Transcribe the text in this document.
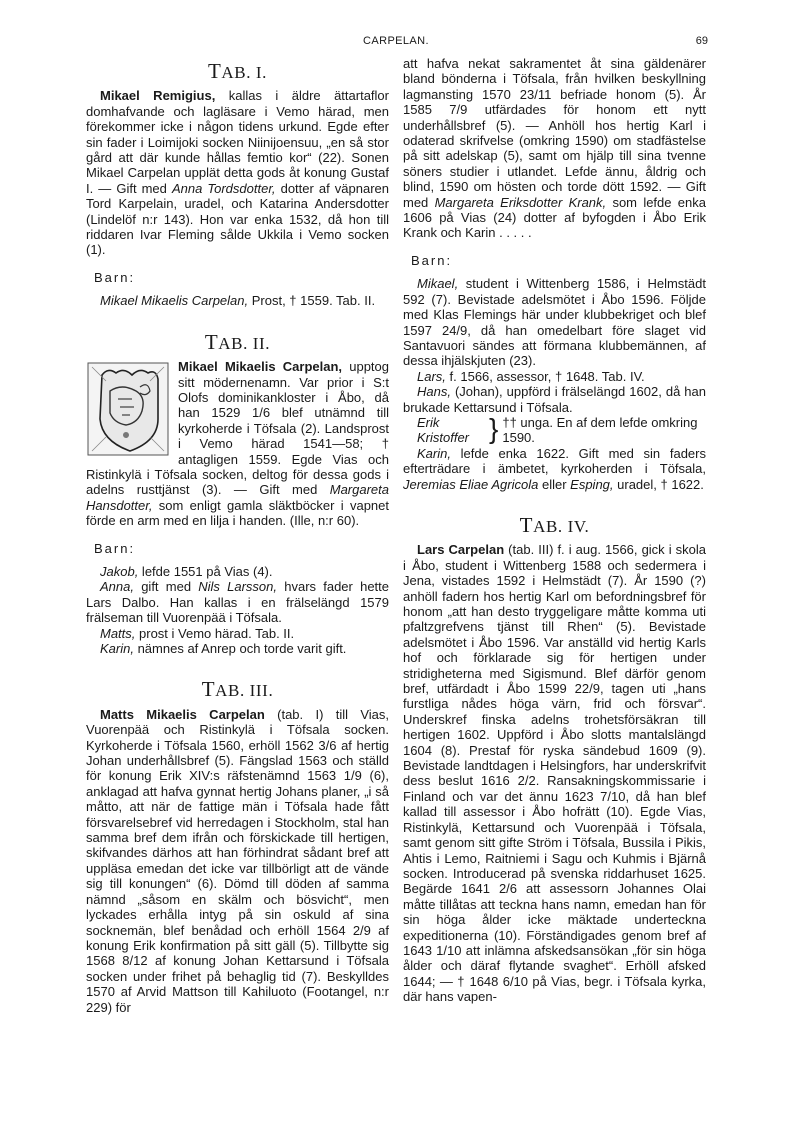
CARPELAN.	69
TAB. I.

Mikael Remigius, kallas i äldre ättartaflor domhafvande och lagläsare i Vemo härad, men förekommer icke i någon tidens urkund. Egde efter sin fader i Loimijoki socken Niinijoensuu, „en så stor gård att där kunde hållas femtio kor“ (22). Sonen Mikael Carpelan upplät detta gods åt konung Gustaf I. — Gift med Anna Tordsdotter, dotter af väpnaren Tord Karpelain, uradel, och Katarina Andersdotter (Lindelöf n:r 143). Hon var enka 1532, då hon till riddaren Ivar Fleming sålde Ukkila i Vemo socken (1).

Barn:

Mikael Mikaelis Carpelan, Prost, † 1559. Tab. II.

TAB. II.

Mikael Mikaelis Carpelan, upptog sitt mödernenamn. Var prior i S:t Olofs dominikankloster i Åbo, då han 1529 1/6 blef utnämnd till kyrkoherde i Töfsala (2). Landsprost i Vemo härad 1541—58; † antagligen 1559. Egde Vias och Ristinkylä i Töfsala socken, deltog för dessa gods i adelns rusttjänst (3). — Gift med Margareta Hansdotter, som enligt gamla släktböcker i vapnet förde en arm med en lilja i handen. (Ille, n:r 60).

Barn:

Jakob, lefde 1551 på Vias (4).

Anna, gift med Nils Larsson, hvars fader hette Lars Dalbo. Han kallas i en frälselängd 1579 frälseman till Vuorenpää i Töfsala.

Matts, prost i Vemo härad. Tab. II.

Karin, nämnes af Anrep och torde varit gift.

TAB. III.

Matts Mikaelis Carpelan (tab. I) till Vias, Vuorenpää och Ristinkylä i Töfsala socken. Kyrkoherde i Töfsala 1560, erhöll 1562 3/6 af hertig Johan underhållsbref (5). Fängslad 1563 och ställd för konung Erik XIV:s räfstenämnd 1563 1/9 (6), anklagad att hafva gynnat hertig Johans planer, „i så måtto, att när de fattige män i Töfsala hade fått försvarelsebref vid herredagen i Stockholm, stal han samma bref dem ifrån och förskickade till hertigen, skifvandes därhos att han förhindrat sådant bref att uppläsa emedan det icke var tillbörligt att de vände sig till konungen“ (6). Dömd till döden af samma nämnd „såsom en skälm och bösvicht“, men lyckades erhålla intyg på sin oskuld af sina socknemän, blef benådad och erhöll 1564 2/9 af konung Erik konfirmation på sitt gäll (5). Tillbytte sig 1568 8/12 af konung Johan Kettarsund i Töfsala socken under frihet på behaglig tid (7). Beskylldes 1570 af Arvid Mattson till Kahiluoto (Footangel, n:r 229) för

att hafva nekat sakramentet åt sina gäldenärer bland bönderna i Töfsala, från hvilken beskyllning lagmansting 1570 23/11 befriade honom (5). År 1585 7/9 utfärdades för honom ett nytt underhållsbref (5). — Anhöll hos hertig Karl i odaterad skrifvelse (omkring 1590) om stadfästelse på sitt adelskap (5), samt om hjälp till sina tvenne söners studier i utlandet. Lefde ännu, åldrig och blind, 1590 om hösten och torde dött 1592. — Gift med Margareta Eriksdotter Krank, som lefde enka 1606 på Vias (24) dotter af byfogden i Åbo Erik Krank och Karin . . . . .

Barn:

Mikael, student i Wittenberg 1586, i Helmstädt 592 (7). Bevistade adelsmötet i Åbo 1596. Följde med Klas Flemings här under klubbekriget och blef 1597 24/9, då han omedelbart före slaget vid Santavuori sändes att förmana klubbemännen, af dessa ihjälskjuten (23).

Lars, f. 1566, assessor, † 1648. Tab. IV.

Hans, (Johan), uppförd i frälselängd 1602, då han brukade Kettarsund i Töfsala.

Erik
Kristoffer } †† unga. En af dem lefde omkring 1590.

Karin, lefde enka 1622. Gift med sin faders efterträdare i ämbetet, kyrkoherden i Töfsala, Jeremias Eliae Agricola eller Esping, uradel, † 1622.

TAB. IV.

Lars Carpelan (tab. III) f. i aug. 1566, gick i skola i Åbo, student i Wittenberg 1588 och sedermera i Jena, vistades 1592 i Helmstädt (7). År 1590 (?) anhöll fadern hos hertig Karl om befordningsbref för honom „att han desto tryggeligare måtte komma uti pfaltzgrefvens tjänst till Rhen“ (5). Bevistade adelsmötet i Åbo 1596. Var anställd vid hertig Karls hof och förklarade sig för hertigen under stridigheterna med Sigismund. Blef därför genom bref, utfärdadt i Åbo 1599 22/9, tagen uti „hans furstliga nådes höga värn, frid och försvar“. Underskref finska adelns trohetsförsäkran till hertigen 1602. Uppförd i Åbo slotts mantalslängd 1604 (8). Prestaf för ryska sändebud 1609 (9). Bevistade landtdagen i Helsingfors, har underskrifvit dess beslut 1616 2/2. Ransakningskommissarie i Finland och var det ännu 1623 7/10, då han blef kallad till assessor i Åbo hofrätt (10). Egde Vias, Ristinkylä, Kettarsund och Vuorenpää i Töfsala, samt genom sitt gifte Ström i Töfsala, Bussila i Pikis, Ahtis i Lemo, Raitniemi i Sagu och Kuhmis i Bjärnå socken. Introducerad på svenska riddarhuset 1625. Begärde 1641 2/6 att assessorn Johannes Olai måtte tillåtas att teckna hans namn, emedan han för sin höga ålder icke mäktade underteckna expeditionerna (10). Förständigades genom bref af 1643 1/10 att inlämna afskedsansökan „för sin höga ålder och däraf flytande svaghet“. Erhöll afsked 1644; — † 1648 6/10 på Vias, begr. i Töfsala kyrka, där hans vapen-
